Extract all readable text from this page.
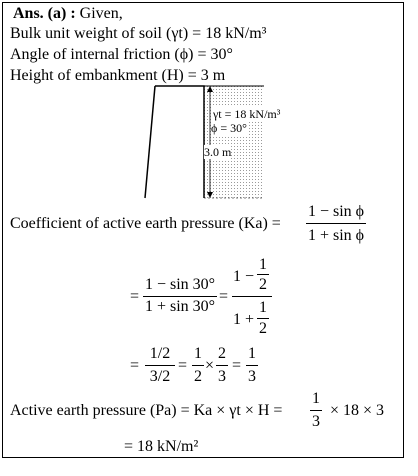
Ans. (a) : Given,
Bulk unit weight of soil (γt) = 18 kN/m³
Angle of internal friction (ϕ) = 30°
Height of embankment (H) = 3 m
γt = 18 kN/m³
ϕ = 30°
3.0 m
Coefficient of active earth pressure (Ka) =
1 − sin ϕ
1 + sin ϕ
=
1 − sin 30°
1 + sin 30°
=
1 −
1
2
1 +
1
2
=
1/2
3/2
=
1
2
×
2
3
=
1
3
Active earth pressure (Pa) = Ka × γt × H =
1
3
× 18 × 3
= 18 kN/m²
